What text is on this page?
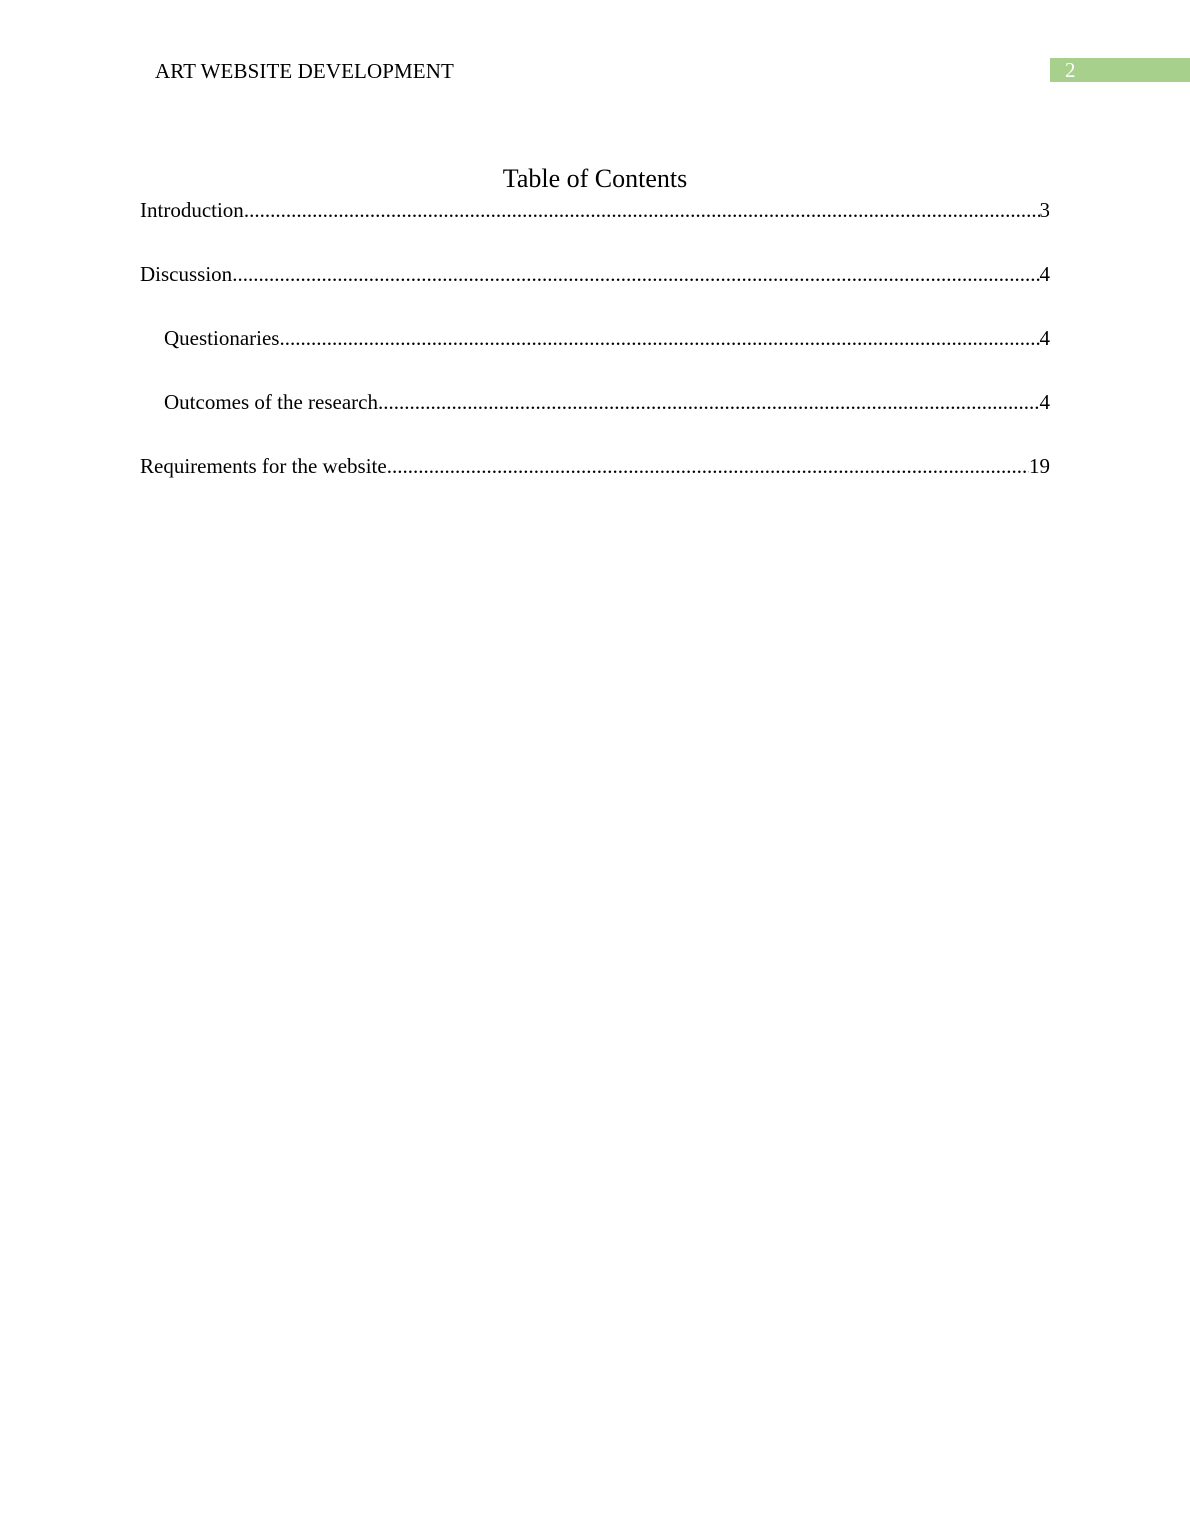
ART WEBSITE DEVELOPMENT	2
Table of Contents
Introduction .....	3
Discussion .....	4
Questionaries .....	4
Outcomes of the research .....	4
Requirements for the website .....	19
